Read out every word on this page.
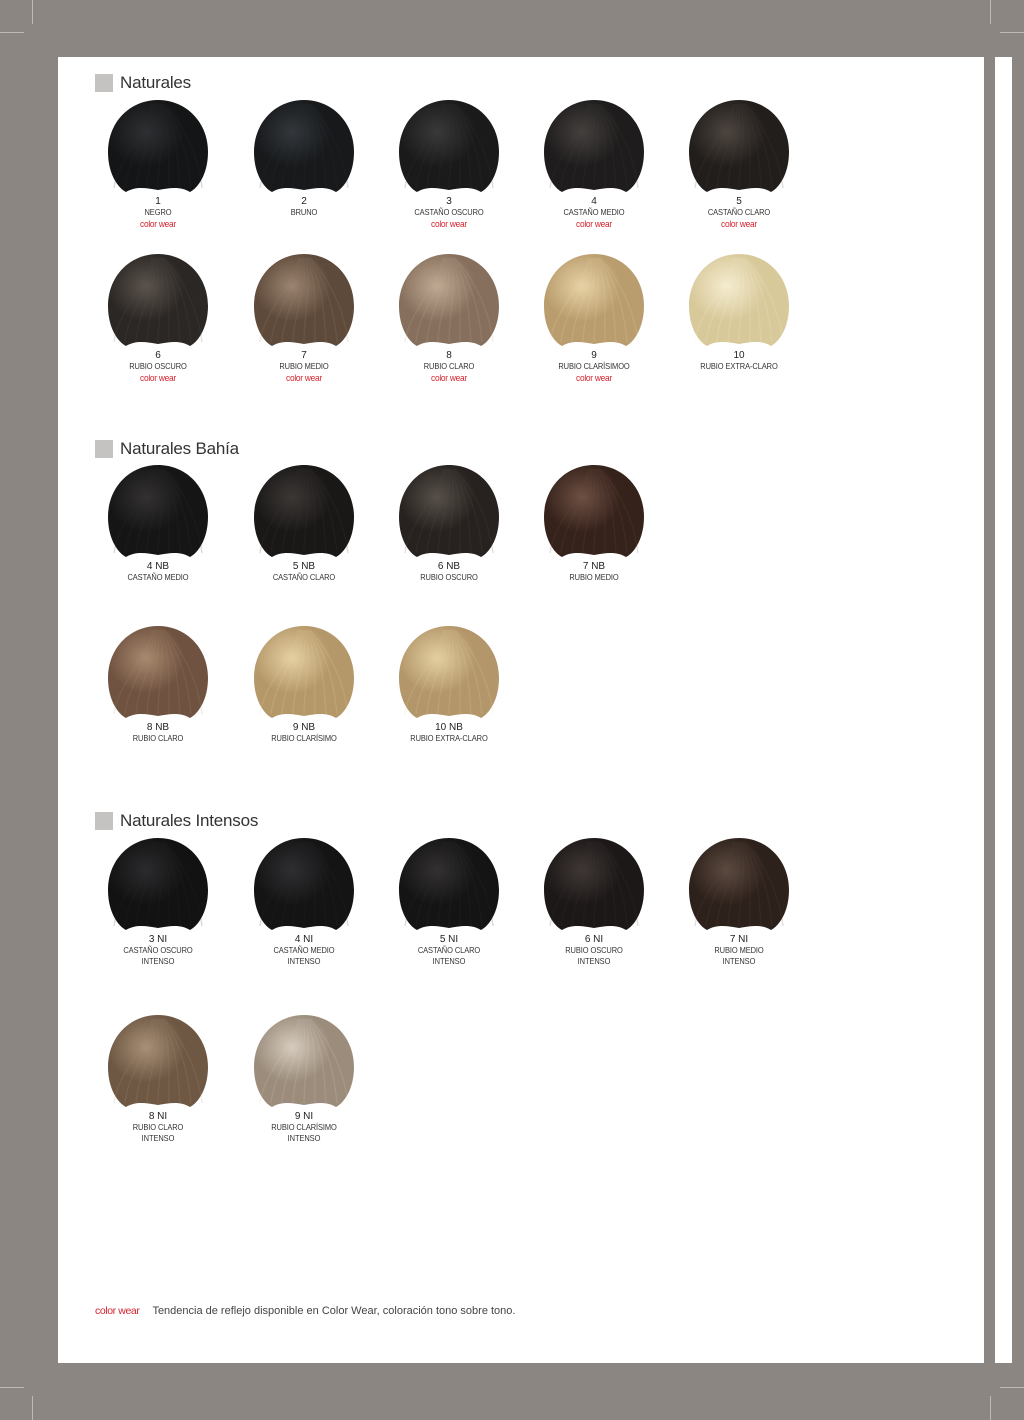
Naturales
Naturales Bahía
Naturales Intensos
1
NEGRO
color wear
2
BRUNO
3
CASTAÑO OSCURO
color wear
4
CASTAÑO MEDIO
color wear
5
CASTAÑO CLARO
color wear
6
RUBIO OSCURO
color wear
7
RUBIO MEDIO
color wear
8
RUBIO CLARO
color wear
9
RUBIO CLARÍSIMOO
color wear
10
RUBIO EXTRA-CLARO
4 NB
CASTAÑO MEDIO
5 NB
CASTAÑO CLARO
6 NB
RUBIO OSCURO
7 NB
RUBIO MEDIO
8 NB
RUBIO CLARO
9 NB
RUBIO CLARÍSIMO
10 NB
RUBIO EXTRA-CLARO
3 NI
CASTAÑO OSCURO
INTENSO
4 NI
CASTAÑO MEDIO
INTENSO
5 NI
CASTAÑO CLARO
INTENSO
6 NI
RUBIO OSCURO
INTENSO
7 NI
RUBIO MEDIO
INTENSO
8 NI
RUBIO CLARO
INTENSO
9 NI
RUBIO CLARÍSIMO
INTENSO
color wear Tendencia de reflejo disponible en Color Wear, coloración tono sobre tono.
